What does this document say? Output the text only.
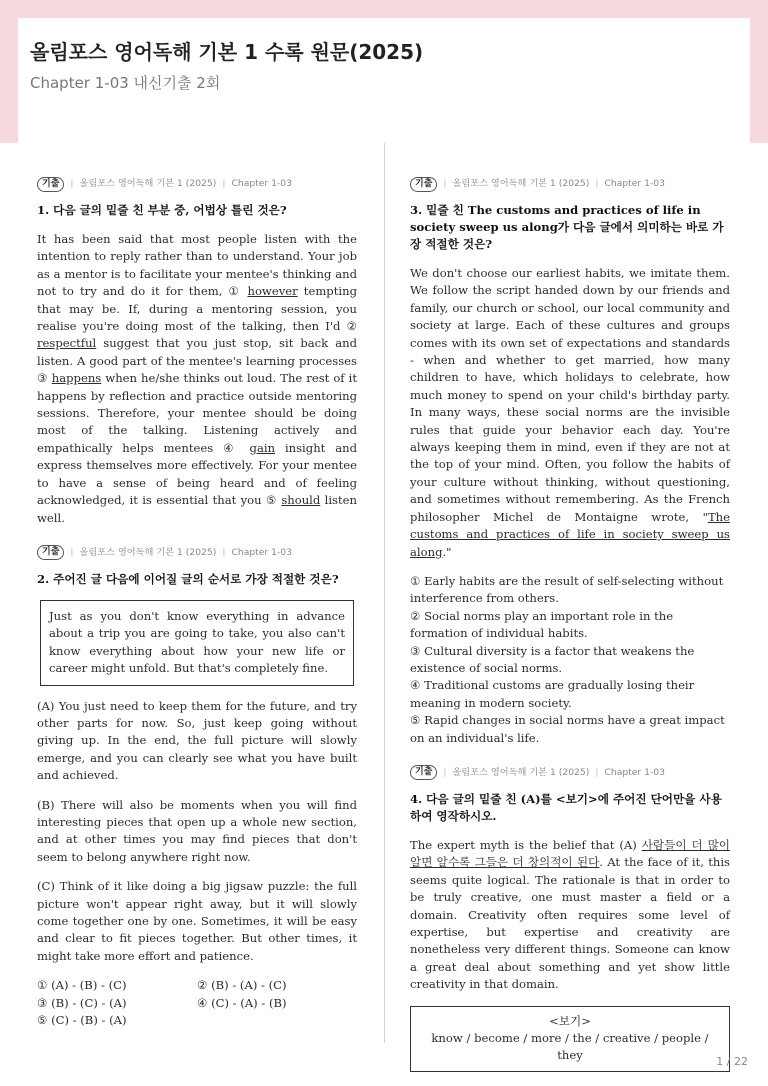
올림포스 영어독해 기본 1 수록 원문(2025)
Chapter 1-03 내신기출 2회
기출	| 올림포스 영어독해 기본 1 (2025) | Chapter 1-03
1. 다음 글의 밑줄 친 부분 중, 어법상 틀린 것은?
It has been said that most people listen with the intention to reply rather than to understand. Your job as a mentor is to facilitate your mentee's thinking and not to try and do it for them, ① however tempting that may be. If, during a mentoring session, you realise you're doing most of the talking, then I'd ② respectful suggest that you just stop, sit back and listen. A good part of the mentee's learning processes ③ happens when he/she thinks out loud. The rest of it happens by reflection and practice outside mentoring sessions. Therefore, your mentee should be doing most of the talking. Listening actively and empathically helps mentees ④ gain insight and express themselves more effectively. For your mentee to have a sense of being heard and of feeling acknowledged, it is essential that you ⑤ should listen well.
기출	| 올림포스 영어독해 기본 1 (2025) | Chapter 1-03
2. 주어진 글 다음에 이어질 글의 순서로 가장 적절한 것은?
Just as you don't know everything in advance about a trip you are going to take, you also can't know everything about how your new life or career might unfold. But that's completely fine.
(A) You just need to keep them for the future, and try other parts for now. So, just keep going without giving up. In the end, the full picture will slowly emerge, and you can clearly see what you have built and achieved.
(B) There will also be moments when you will find interesting pieces that open up a whole new section, and at other times you may find pieces that don't seem to belong anywhere right now.
(C) Think of it like doing a big jigsaw puzzle: the full picture won't appear right away, but it will slowly come together one by one. Sometimes, it will be easy and clear to fit pieces together. But other times, it might take more effort and patience.
① (A) - (B) - (C)	② (B) - (A) - (C)
③ (B) - (C) - (A)	④ (C) - (A) - (B)
⑤ (C) - (B) - (A)
기출	| 올림포스 영어독해 기본 1 (2025) | Chapter 1-03
3. 밑줄 친 The customs and practices of life in society sweep us along가 다음 글에서 의미하는 바로 가장 적절한 것은?
We don't choose our earliest habits, we imitate them. We follow the script handed down by our friends and family, our church or school, our local community and society at large. Each of these cultures and groups comes with its own set of expectations and standards - when and whether to get married, how many children to have, which holidays to celebrate, how much money to spend on your child's birthday party. In many ways, these social norms are the invisible rules that guide your behavior each day. You're always keeping them in mind, even if they are not at the top of your mind. Often, you follow the habits of your culture without thinking, without questioning, and sometimes without remembering. As the French philosopher Michel de Montaigne wrote, "The customs and practices of life in society sweep us along."
① Early habits are the result of self-selecting without interference from others.
② Social norms play an important role in the formation of individual habits.
③ Cultural diversity is a factor that weakens the existence of social norms.
④ Traditional customs are gradually losing their meaning in modern society.
⑤ Rapid changes in social norms have a great impact on an individual's life.
기출	| 올림포스 영어독해 기본 1 (2025) | Chapter 1-03
4. 다음 글의 밑줄 친 (A)를 <보기>에 주어진 단어만을 사용하여 영작하시오.
The expert myth is the belief that (A) 사람들이 더 많이 알면 알수록 그들은 더 창의적이 된다. At the face of it, this seems quite logical. The rationale is that in order to be truly creative, one must master a field or a domain. Creativity often requires some level of expertise, but expertise and creativity are nonetheless very different things. Someone can know a great deal about something and yet show little creativity in that domain.
<보기>
know / become / more / the / creative / people / they	1 / 22
